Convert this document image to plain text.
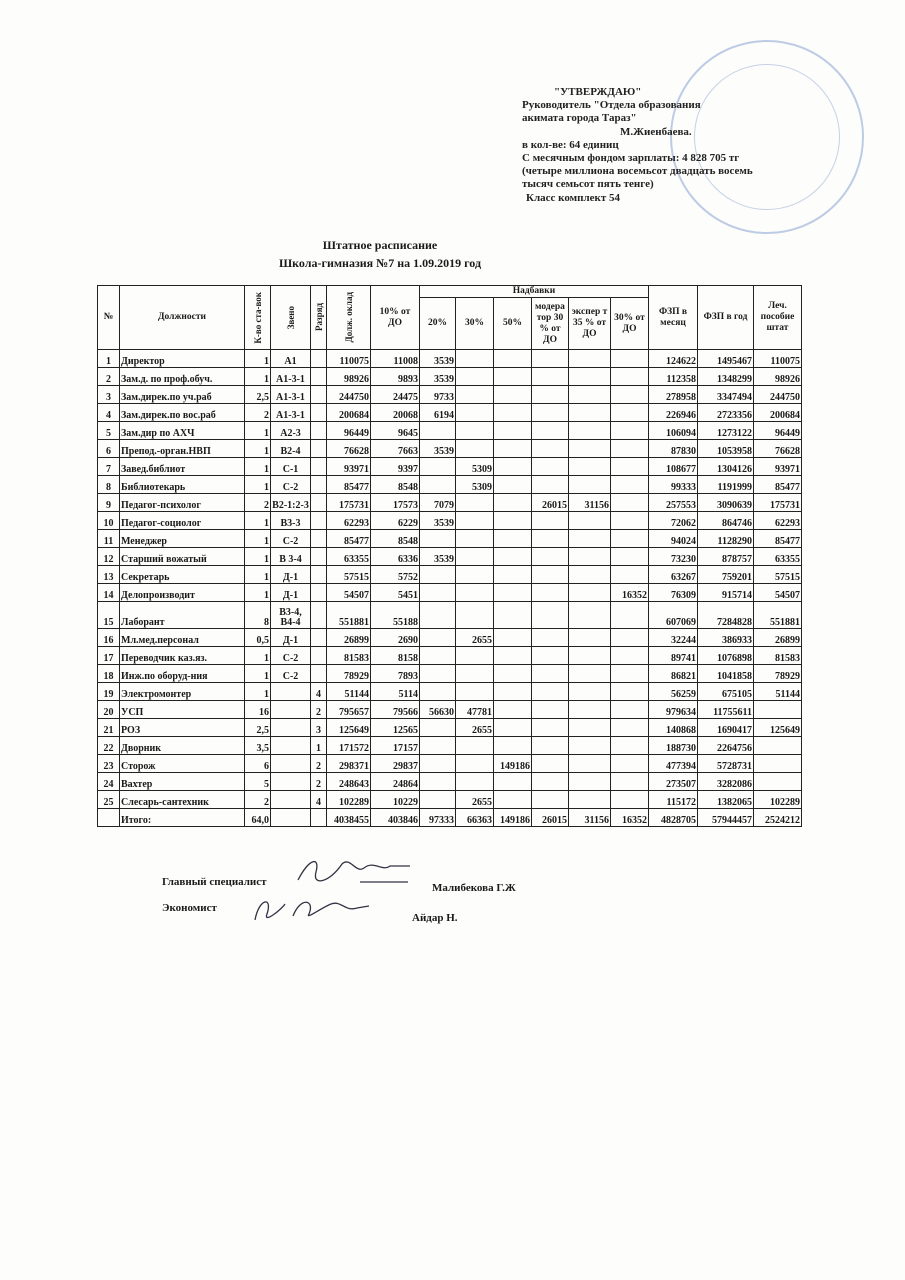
"УТВЕРЖДАЮ"
Руководитель "Отдела образования
акимата города Тараз"
М.Жиенбаева.
в кол-ве: 64 единиц
С месячным фондом зарплаты: 4 828 705 тг
(четыре миллиона восемьсот двадцать восемь
тысяч семьсот пять тенге)
Класс комплект 54
Штатное расписание
Школа-гимназия №7 на 1.09.2019 год
№	Должности	К-во ста-вок	Звено	Разряд	Долж. оклад	10% от ДО	Надбавки						ФЗП в месяц	ФЗП в год	Леч. пособие штат
							20%	30%	50%	модера тор 30 % от ДО	экспер т 35 % от ДО	30% от ДО			
1	Директор	1	А1		110075	11008	3539						124622	1495467	110075
2	Зам.д. по проф.обуч.	1	А1-3-1		98926	9893	3539						112358	1348299	98926
3	Зам.дирек.по уч.раб	2,5	А1-3-1		244750	24475	9733						278958	3347494	244750
4	Зам.дирек.по вос.раб	2	А1-3-1		200684	20068	6194						226946	2723356	200684
5	Зам.дир по АХЧ	1	А2-3		96449	9645							106094	1273122	96449
6	Препод.-орган.НВП	1	В2-4		76628	7663	3539						87830	1053958	76628
7	Завед.библиот	1	С-1		93971	9397		5309					108677	1304126	93971
8	Библиотекарь	1	С-2		85477	8548		5309					99333	1191999	85477
9	Педагог-психолог	2	В2-1:2-3		175731	17573	7079			26015	31156		257553	3090639	175731
10	Педагог-социолог	1	В3-3		62293	6229	3539						72062	864746	62293
11	Менеджер	1	С-2		85477	8548							94024	1128290	85477
12	Старший вожатый	1	В 3-4		63355	6336	3539						73230	878757	63355
13	Секретарь	1	Д-1		57515	5752							63267	759201	57515
14	Делопроизводит	1	Д-1		54507	5451						16352	76309	915714	54507
15	Лаборант	8	В3-4, В4-4		551881	55188							607069	7284828	551881
16	Мл.мед.персонал	0,5	Д-1		26899	2690		2655					32244	386933	26899
17	Переводчик каз.яз.	1	С-2		81583	8158							89741	1076898	81583
18	Инж.по оборуд-ния	1	С-2		78929	7893							86821	1041858	78929
19	Электромонтер	1		4	51144	5114							56259	675105	51144
20	УСП	16		2	795657	79566	56630	47781					979634	11755611	
21	РОЗ	2,5		3	125649	12565		2655					140868	1690417	125649
22	Дворник	3,5		1	171572	17157							188730	2264756	
23	Сторож	6		2	298371	29837			149186				477394	5728731	
24	Вахтер	5		2	248643	24864							273507	3282086	
25	Слесарь-сантехник	2		4	102289	10229		2655					115172	1382065	102289
	Итого:	64,0			4038455	403846	97333	66363	149186	26015	31156	16352	4828705	57944457	2524212
Главный специалист	Малибекова Г.Ж
Экономист
Айдар Н.
